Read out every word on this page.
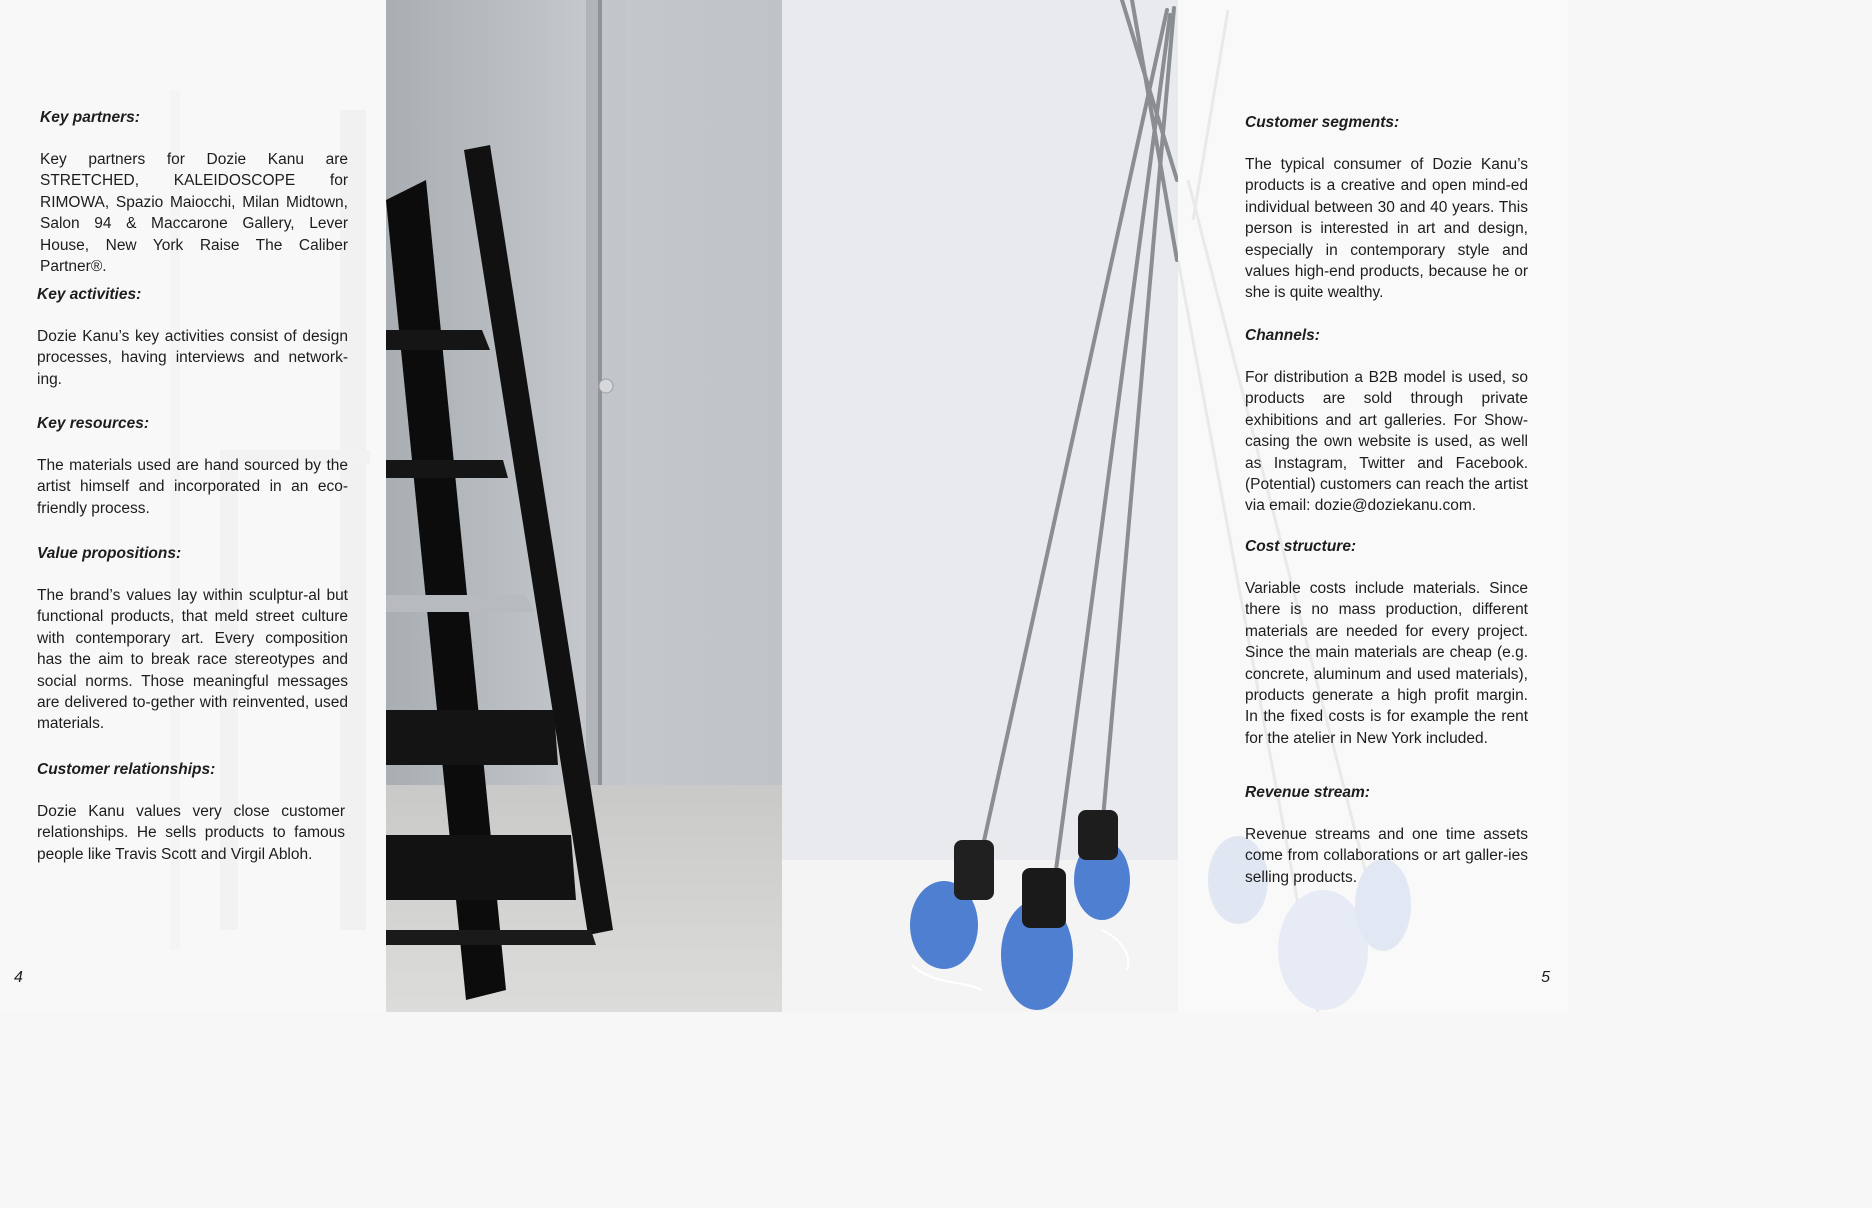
Key partners:

Key partners for Dozie Kanu are STRETCHED, KALEIDOSCOPE for RIMOWA, Spazio Maiocchi, Milan Midtown, Salon 94 & Maccarone Gallery, Lever House, New York Raise The Caliber Partner®.

Key activities:

Dozie Kanu’s key activities consist of design processes, having interviews and network-ing.

Key resources:

The materials used are hand sourced by the artist himself and incorporated in an eco-friendly process.

Value propositions:

The brand’s values lay within sculptur-al but functional products, that meld street culture with contemporary art. Every composition has the aim to break race stereotypes and social norms. Those meaningful messages are delivered to-gether with reinvented, used materials.

Customer relationships:

Dozie Kanu values very close customer relationships. He sells products to famous people like Travis Scott and Virgil Abloh.

4

Customer segments:

The typical consumer of Dozie Kanu’s products is a creative and open mind-ed individual between 30 and 40 years. This person is interested in art and design, especially in contemporary style and values high-end products, because he or she is quite wealthy.

Channels:

For distribution a B2B model is used, so products are sold through private exhibitions and art galleries. For Show-casing the own website is used, as well as Instagram, Twitter and Facebook. (Potential) customers can reach the artist via email: dozie@doziekanu.com.

Cost structure:

Variable costs include materials. Since there is no mass production, different materials are needed for every project. Since the main materials are cheap (e.g. concrete, aluminum and used materials), products generate a high profit margin. In the fixed costs is for example the rent for the atelier in New York included.

Revenue stream:

Revenue streams and one time assets come from collaborations or art galler-ies selling products.

5
